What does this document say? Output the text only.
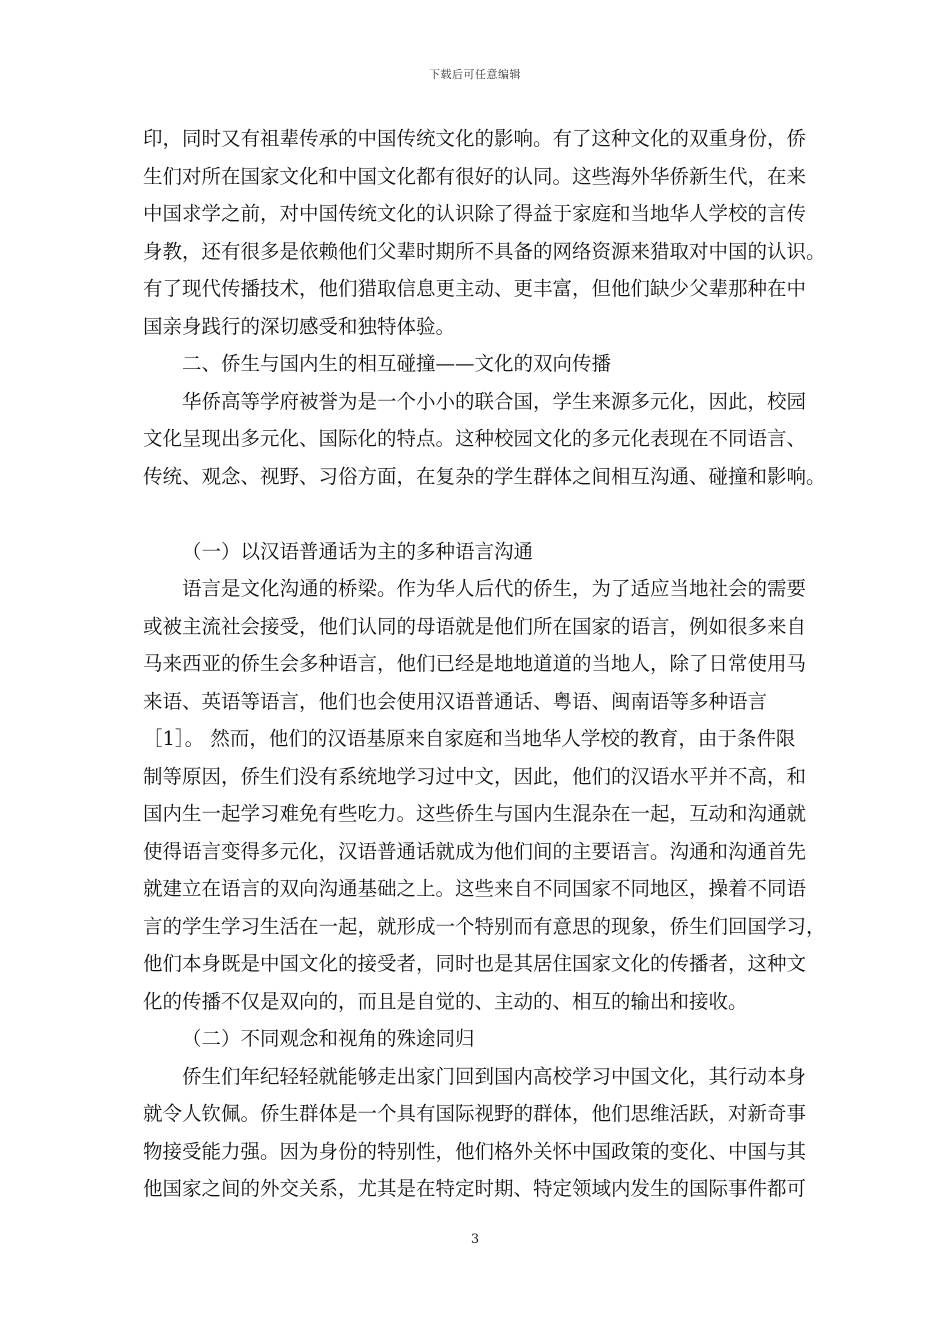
下载后可任意编辑
印，同时又有祖辈传承的中国传统文化的影响。有了这种文化的双重身份，侨
生们对所在国家文化和中国文化都有很好的认同。这些海外华侨新生代，在来
中国求学之前，对中国传统文化的认识除了得益于家庭和当地华人学校的言传
身教，还有很多是依赖他们父辈时期所不具备的网络资源来猎取对中国的认识。
有了现代传播技术，他们猎取信息更主动、更丰富，但他们缺少父辈那种在中
国亲身践行的深切感受和独特体验。
二、侨生与国内生的相互碰撞——文化的双向传播
华侨高等学府被誉为是一个小小的联合国，学生来源多元化，因此，校园
文化呈现出多元化、国际化的特点。这种校园文化的多元化表现在不同语言、
传统、观念、视野、习俗方面，在复杂的学生群体之间相互沟通、碰撞和影响。
（一）以汉语普通话为主的多种语言沟通
语言是文化沟通的桥梁。作为华人后代的侨生，为了适应当地社会的需要
或被主流社会接受，他们认同的母语就是他们所在国家的语言，例如很多来自
马来西亚的侨生会多种语言，他们已经是地地道道的当地人，除了日常使用马
来语、英语等语言，他们也会使用汉语普通话、粤语、闽南语等多种语言
［1］。 然而，他们的汉语基原来自家庭和当地华人学校的教育，由于条件限
制等原因，侨生们没有系统地学习过中文，因此，他们的汉语水平并不高，和
国内生一起学习难免有些吃力。这些侨生与国内生混杂在一起，互动和沟通就
使得语言变得多元化，汉语普通话就成为他们间的主要语言。沟通和沟通首先
就建立在语言的双向沟通基础之上。这些来自不同国家不同地区，操着不同语
言的学生学习生活在一起，就形成一个特别而有意思的现象，侨生们回国学习，
他们本身既是中国文化的接受者，同时也是其居住国家文化的传播者，这种文
化的传播不仅是双向的，而且是自觉的、主动的、相互的输出和接收。
（二）不同观念和视角的殊途同归
侨生们年纪轻轻就能够走出家门回到国内高校学习中国文化，其行动本身
就令人钦佩。侨生群体是一个具有国际视野的群体，他们思维活跃，对新奇事
物接受能力强。因为身份的特别性，他们格外关怀中国政策的变化、中国与其
他国家之间的外交关系，尤其是在特定时期、特定领域内发生的国际事件都可
3
